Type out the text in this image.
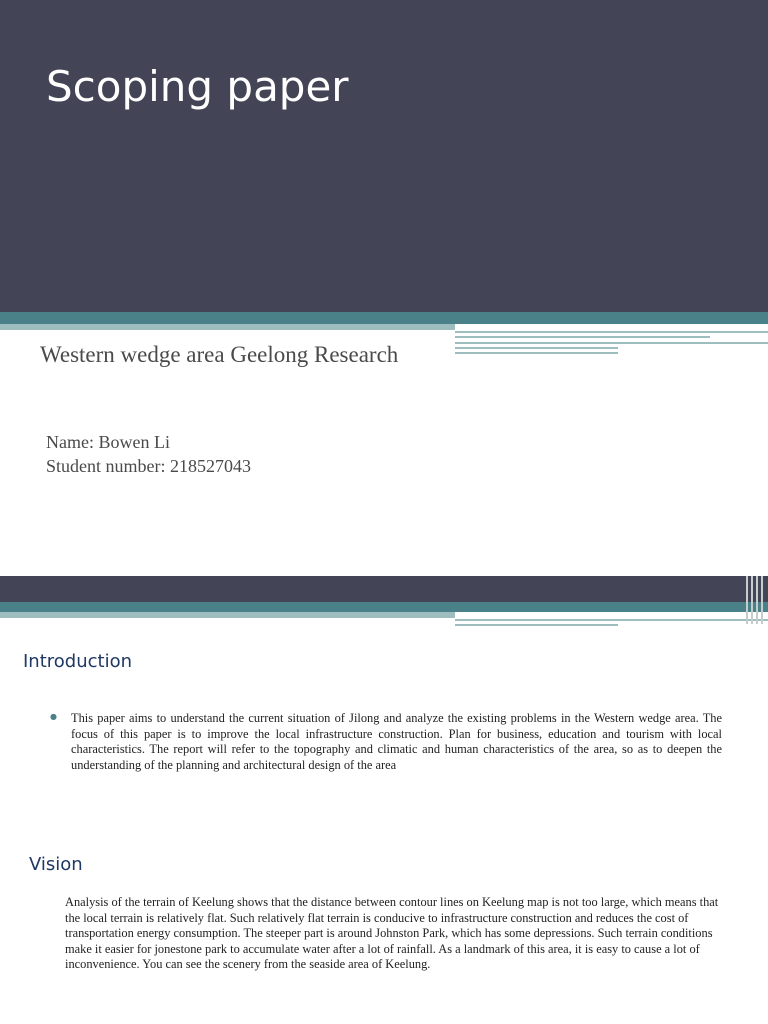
Scoping paper
Western wedge area Geelong Research
Name: Bowen Li
Student number: 218527043
Introduction
● This paper aims to understand the current situation of Jilong and analyze the existing problems in the Western wedge area. The focus of this paper is to improve the local infrastructure construction. Plan for business, education and tourism with local characteristics. The report will refer to the topography and climatic and human characteristics of the area, so as to deepen the understanding of the planning and architectural design of the area

Vision

Analysis of the terrain of Keelung shows that the distance between contour lines on Keelung map is not too large, which means that the local terrain is relatively flat. Such relatively flat terrain is conducive to infrastructure construction and reduces the cost of transportation energy consumption. The steeper part is around Johnston Park, which has some depressions. Such terrain conditions make it easier for jonestone park to accumulate water after a lot of rainfall. As a landmark of this area, it is easy to cause a lot of inconvenience. You can see the scenery from the seaside area of Keelung.
